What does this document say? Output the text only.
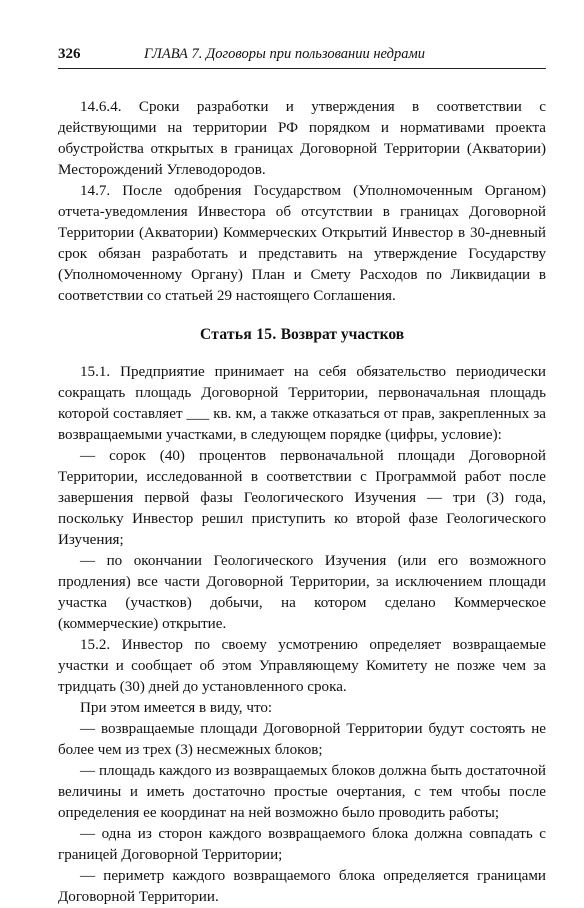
326	ГЛАВА 7. Договоры при пользовании недрами

14.6.4. Сроки разработки и утверждения в соответствии с действующими на территории РФ порядком и нормативами проекта обустройства открытых в границах Договорной Территории (Акватории) Месторождений Углеводородов.

14.7. После одобрения Государством (Уполномоченным Органом) отчета-уведомления Инвестора об отсутствии в границах Договорной Территории (Акватории) Коммерческих Открытий Инвестор в 30-дневный срок обязан разработать и представить на утверждение Государству (Уполномоченному Органу) План и Смету Расходов по Ликвидации в соответствии со статьей 29 настоящего Соглашения.

Статья 15. Возврат участков

15.1. Предприятие принимает на себя обязательство периодически сокращать площадь Договорной Территории, первоначальная площадь которой составляет ___ кв. км, а также отказаться от прав, закрепленных за возвращаемыми участками, в следующем порядке (цифры, условие):

— сорок (40) процентов первоначальной площади Договорной Территории, исследованной в соответствии с Программой работ после завершения первой фазы Геологического Изучения — три (3) года, поскольку Инвестор решил приступить ко второй фазе Геологического Изучения;

— по окончании Геологического Изучения (или его возможного продления) все части Договорной Территории, за исключением площади участка (участков) добычи, на котором сделано Коммерческое (коммерческие) открытие.

15.2. Инвестор по своему усмотрению определяет возвращаемые участки и сообщает об этом Управляющему Комитету не позже чем за тридцать (30) дней до установленного срока.

При этом имеется в виду, что:

— возвращаемые площади Договорной Территории будут состоять не более чем из трех (3) несмежных блоков;

— площадь каждого из возвращаемых блоков должна быть достаточной величины и иметь достаточно простые очертания, с тем чтобы после определения ее координат на ней возможно было проводить работы;

— одна из сторон каждого возвращаемого блока должна совпадать с границей Договорной Территории;

— периметр каждого возвращаемого блока определяется границами Договорной Территории.
